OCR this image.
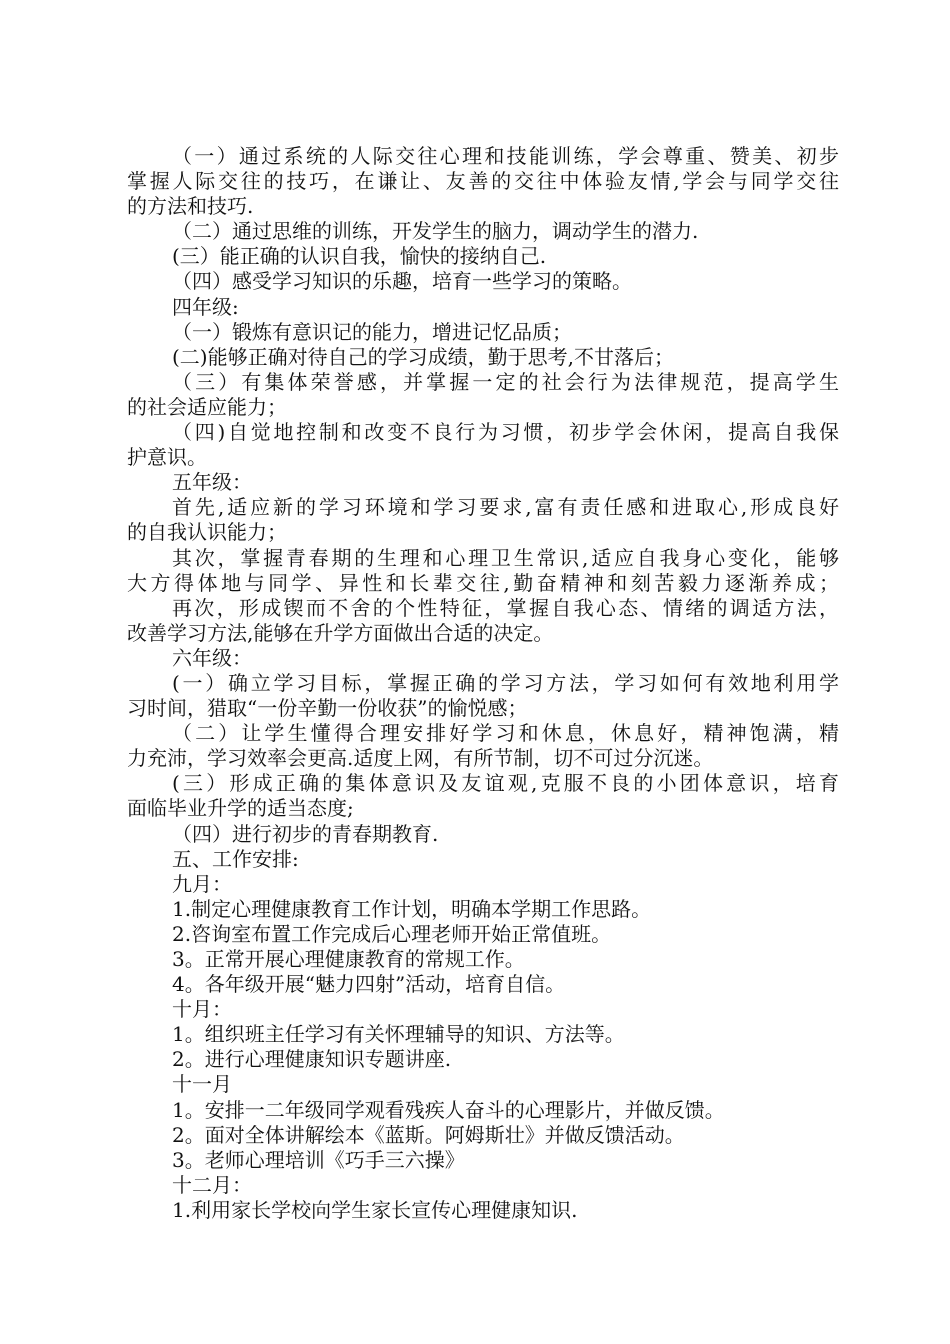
（一）通过系统的人际交往心理和技能训练，学会尊重、赞美、初步
掌握人际交往的技巧，在谦让、友善的交往中体验友情,学会与同学交往
的方法和技巧.
（二）通过思维的训练，开发学生的脑力，调动学生的潜力.
(三）能正确的认识自我，愉快的接纳自己.
（四）感受学习知识的乐趣，培育一些学习的策略。
四年级:
（一）锻炼有意识记的能力，增进记忆品质；
(二)能够正确对待自己的学习成绩，勤于思考,不甘落后；
（三）有集体荣誉感，并掌握一定的社会行为法律规范，提高学生
的社会适应能力；
（四)自觉地控制和改变不良行为习惯，初步学会休闲，提高自我保
护意识。
五年级：
首先,适应新的学习环境和学习要求,富有责任感和进取心,形成良好
的自我认识能力；
其次，掌握青春期的生理和心理卫生常识,适应自我身心变化，能够
大方得体地与同学、异性和长辈交往,勤奋精神和刻苦毅力逐渐养成；
再次，形成锲而不舍的个性特征，掌握自我心态、情绪的调适方法，
改善学习方法,能够在升学方面做出合适的决定。
六年级：
(一）确立学习目标，掌握正确的学习方法，学习如何有效地利用学
习时间，猎取“一份辛勤一份收获”的愉悦感；
（二）让学生懂得合理安排好学习和休息，休息好，精神饱满，精
力充沛，学习效率会更高.适度上网，有所节制，切不可过分沉迷。
(三）形成正确的集体意识及友谊观,克服不良的小团体意识，培育
面临毕业升学的适当态度;
（四）进行初步的青春期教育.
五、工作安排:
九月：
1.制定心理健康教育工作计划，明确本学期工作思路。
2.咨询室布置工作完成后心理老师开始正常值班。
3。正常开展心理健康教育的常规工作。
4。各年级开展“魅力四射”活动，培育自信。
十月：
1。组织班主任学习有关怀理辅导的知识、方法等。
2。进行心理健康知识专题讲座.
十一月
1。安排一二年级同学观看残疾人奋斗的心理影片，并做反馈。
2。面对全体讲解绘本《蓝斯。阿姆斯壮》并做反馈活动。
3。老师心理培训《巧手三六操》
十二月：
1.利用家长学校向学生家长宣传心理健康知识.
